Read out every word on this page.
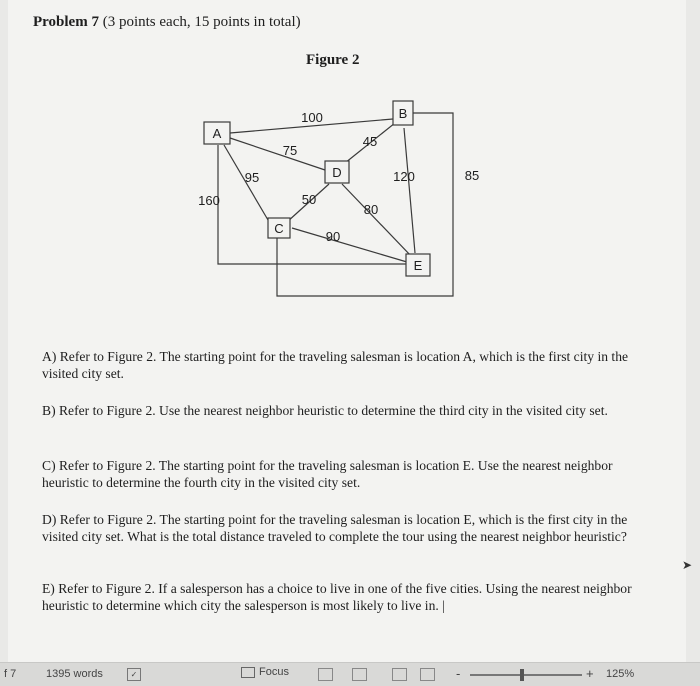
Problem 7 (3 points each, 15 points in total)
Figure 2
A
B
C
D
E
100
75
45
95
160	50
80
120
90
85
A) Refer to Figure 2. The starting point for the traveling salesman is location A, which is the first city in the visited city set.
B) Refer to Figure 2. Use the nearest neighbor heuristic to determine the third city in the visited city set.
C) Refer to Figure 2. The starting point for the traveling salesman is location E. Use the nearest neighbor heuristic to determine the fourth city in the visited city set.
D) Refer to Figure 2. The starting point for the traveling salesman is location E, which is the first city in the visited city set. What is the total distance traveled to complete the tour using the nearest neighbor heuristic?
E) Refer to Figure 2. If a salesperson has a choice to live in one of the five cities. Using the nearest neighbor heuristic to determine which city the salesperson is most likely to live in. |
➤
f 7	1395 words	✓	Focus	-	+ 125%
